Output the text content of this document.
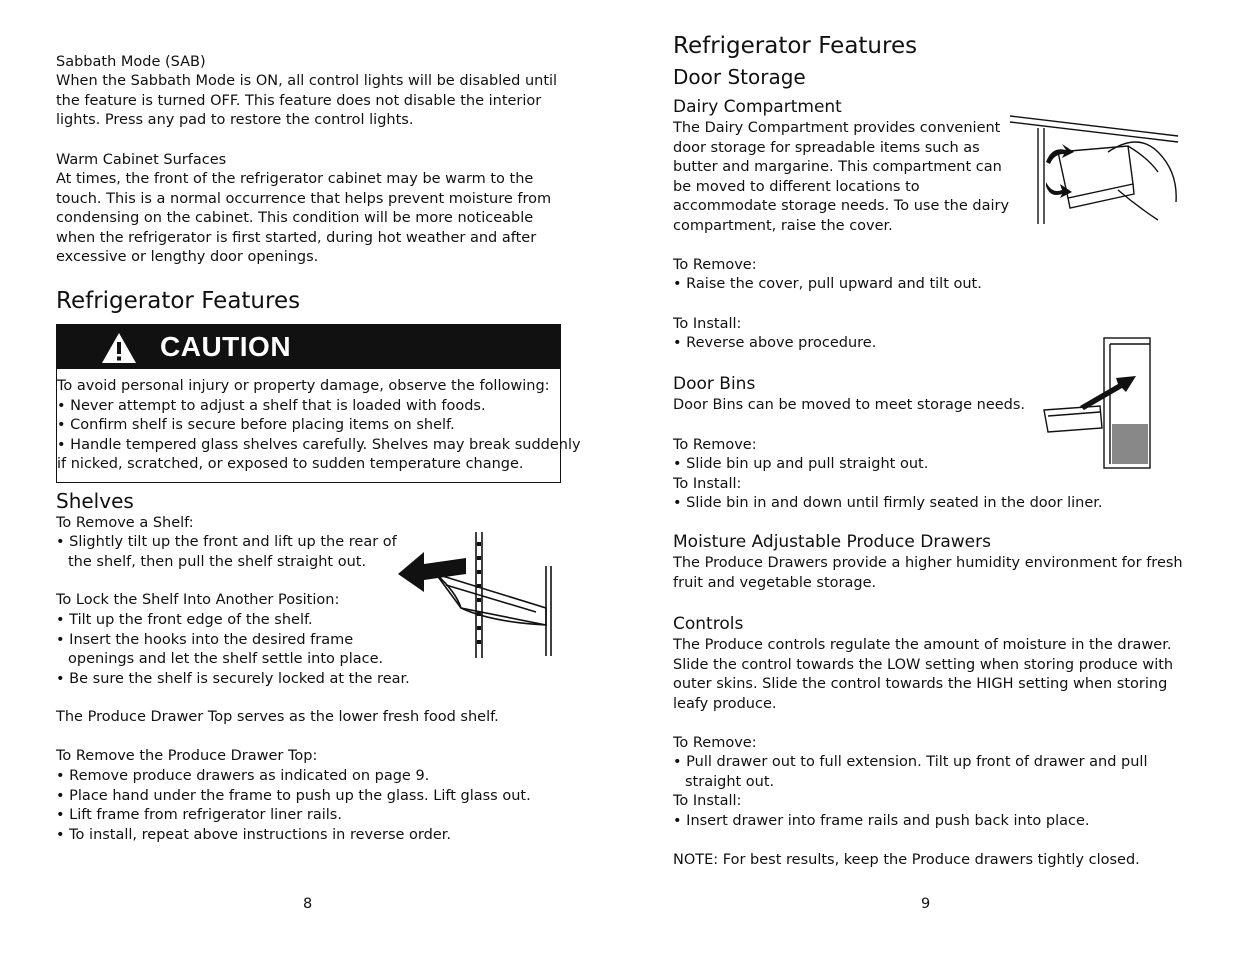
Sabbath Mode (SAB)
When the Sabbath Mode is ON, all control lights will be disabled until
the feature is turned OFF. This feature does not disable the interior
lights. Press any pad to restore the control lights.
Warm Cabinet Surfaces
At times, the front of the refrigerator cabinet may be warm to the
touch. This is a normal occurrence that helps prevent moisture from
condensing on the cabinet. This condition will be more noticeable
when the refrigerator is first started, during hot weather and after
excessive or lengthy door openings.
Refrigerator Features
CAUTION
To avoid personal injury or property damage, observe the following:
• Never attempt to adjust a shelf that is loaded with foods.
• Confirm shelf is secure before placing items on shelf.
• Handle tempered glass shelves carefully. Shelves may break suddenly
if nicked, scratched, or exposed to sudden temperature change.
Shelves
To Remove a Shelf:
• Slightly tilt up the front and lift up the rear of
the shelf, then pull the shelf straight out.
To Lock the Shelf Into Another Position:
• Tilt up the front edge of the shelf.
• Insert the hooks into the desired frame
openings and let the shelf settle into place.
• Be sure the shelf is securely locked at the rear.
The Produce Drawer Top serves as the lower fresh food shelf.
To Remove the Produce Drawer Top:
• Remove produce drawers as indicated on page 9.
• Place hand under the frame to push up the glass. Lift glass out.
• Lift frame from refrigerator liner rails.
• To install, repeat above instructions in reverse order.
8
Refrigerator Features
Door Storage
Dairy Compartment
The Dairy Compartment provides convenient
door storage for spreadable items such as
butter and margarine. This compartment can
be moved to different locations to
accommodate storage needs. To use the dairy
compartment, raise the cover.
To Remove:
• Raise the cover, pull upward and tilt out.
To Install:
• Reverse above procedure.
Door Bins
Door Bins can be moved to meet storage needs.
To Remove:
• Slide bin up and pull straight out.
To Install:
• Slide bin in and down until firmly seated in the door liner.
Moisture Adjustable Produce Drawers
The Produce Drawers provide a higher humidity environment for fresh
fruit and vegetable storage.
Controls
The Produce controls regulate the amount of moisture in the drawer.
Slide the control towards the LOW setting when storing produce with
outer skins. Slide the control towards the HIGH setting when storing
leafy produce.
To Remove:
• Pull drawer out to full extension. Tilt up front of drawer and pull
straight out.
To Install:
• Insert drawer into frame rails and push back into place.
NOTE: For best results, keep the Produce drawers tightly closed.
9
